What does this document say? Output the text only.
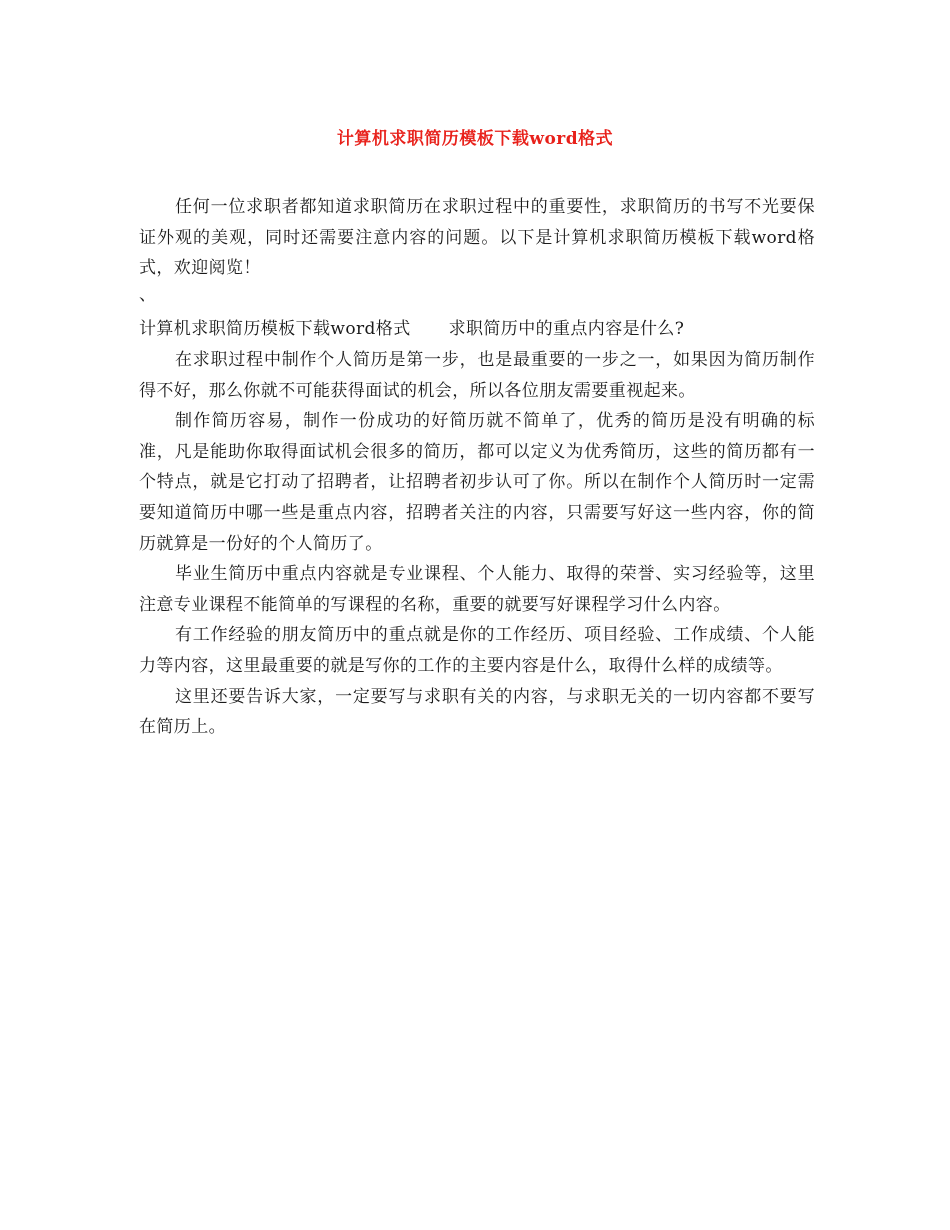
计算机求职简历模板下载word格式

任何一位求职者都知道求职简历在求职过程中的重要性，求职简历的书写不光要保证外观的美观，同时还需要注意内容的问题。以下是计算机求职简历模板下载word格式，欢迎阅览！

、

计算机求职简历模板下载word格式 求职简历中的重点内容是什么?

在求职过程中制作个人简历是第一步，也是最重要的一步之一，如果因为简历制作得不好，那么你就不可能获得面试的机会，所以各位朋友需要重视起来。

制作简历容易，制作一份成功的好简历就不简单了，优秀的简历是没有明确的标准，凡是能助你取得面试机会很多的简历，都可以定义为优秀简历，这些的简历都有一个特点，就是它打动了招聘者，让招聘者初步认可了你。所以在制作个人简历时一定需要知道简历中哪一些是重点内容，招聘者关注的内容，只需要写好这一些内容，你的简历就算是一份好的个人简历了。

毕业生简历中重点内容就是专业课程、个人能力、取得的荣誉、实习经验等，这里注意专业课程不能简单的写课程的名称，重要的就要写好课程学习什么内容。

有工作经验的朋友简历中的重点就是你的工作经历、项目经验、工作成绩、个人能力等内容，这里最重要的就是写你的工作的主要内容是什么，取得什么样的成绩等。

这里还要告诉大家，一定要写与求职有关的内容，与求职无关的一切内容都不要写在简历上。
